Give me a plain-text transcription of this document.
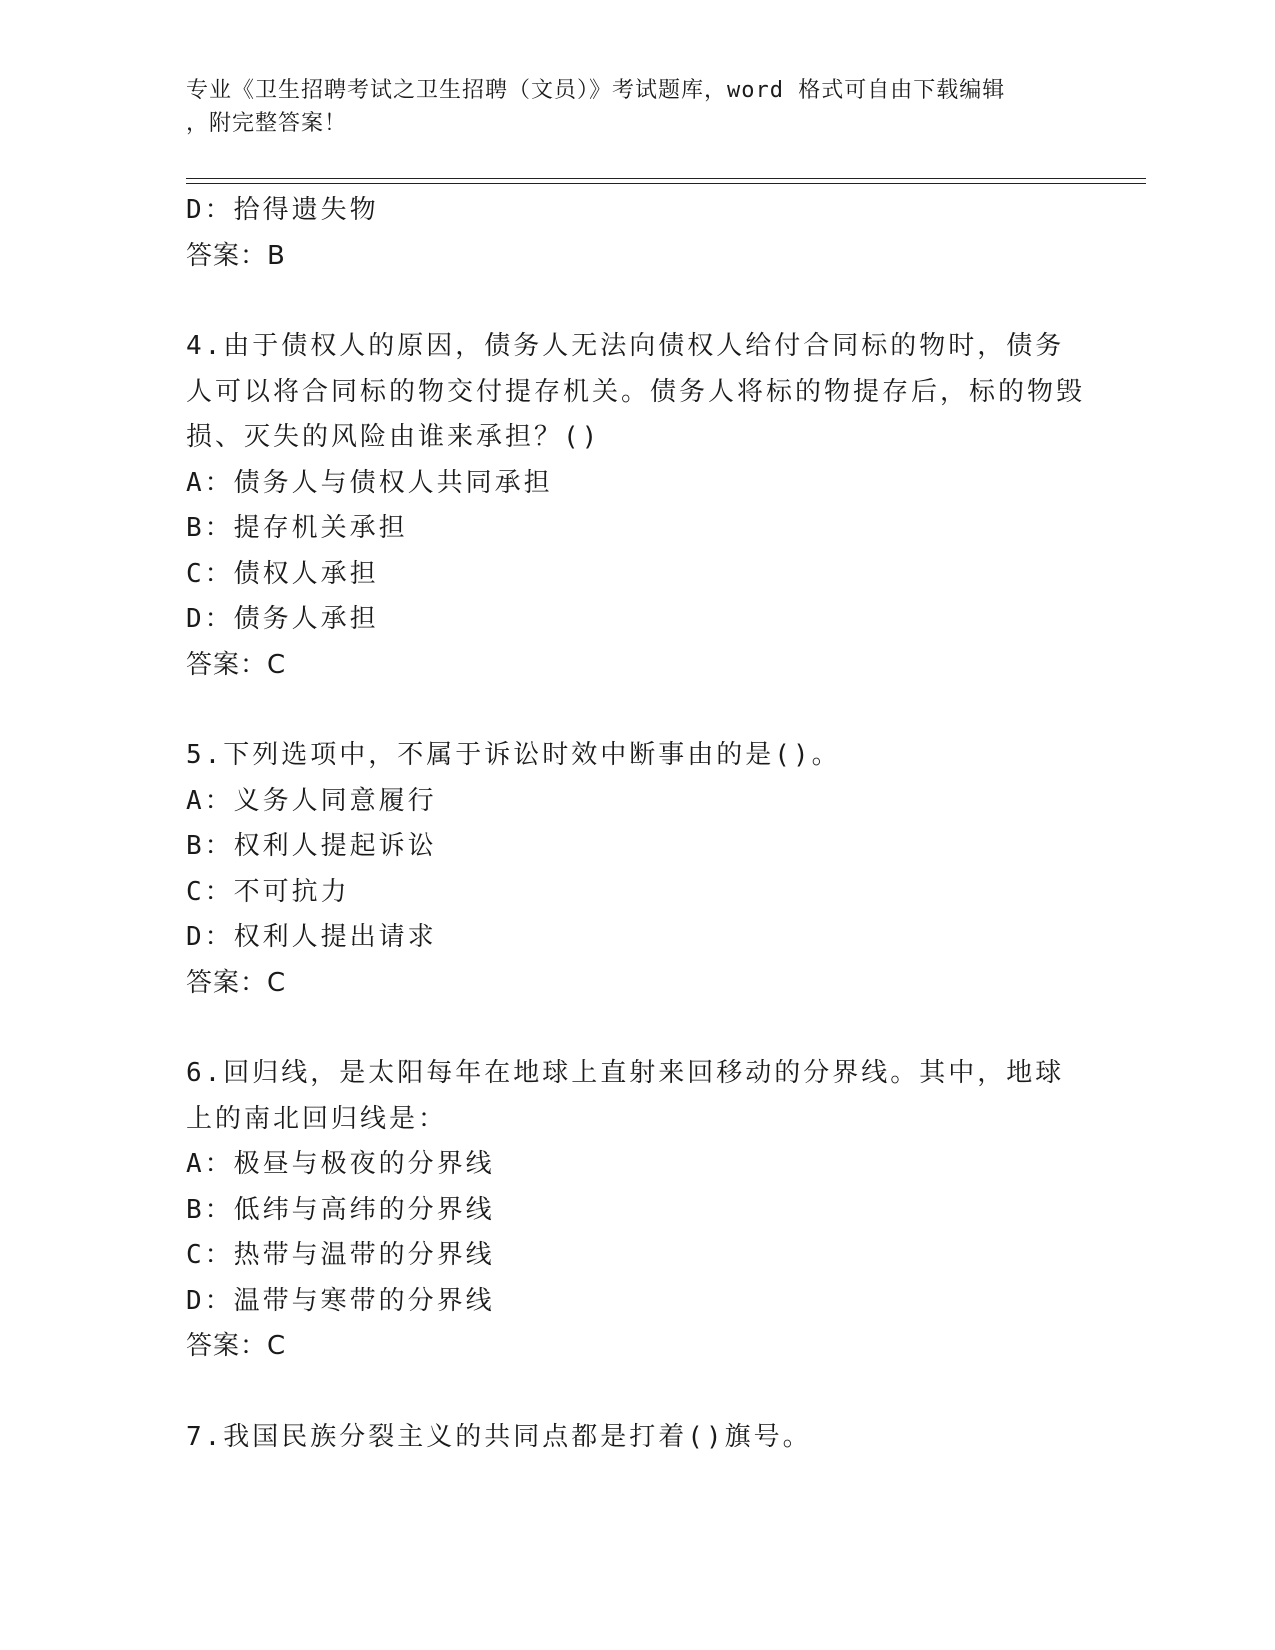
专业《卫生招聘考试之卫生招聘（文员）》考试题库，word 格式可自由下载编辑
，附完整答案！
D：拾得遗失物
答案：B
4.由于债权人的原因，债务人无法向债权人给付合同标的物时，债务人可以将合同标的物交付提存机关。债务人将标的物提存后，标的物毁损、灭失的风险由谁来承担？()
A：债务人与债权人共同承担
B：提存机关承担
C：债权人承担
D：债务人承担
答案：C
5.下列选项中，不属于诉讼时效中断事由的是()。
A：义务人同意履行
B：权利人提起诉讼
C：不可抗力
D：权利人提出请求
答案：C
6.回归线，是太阳每年在地球上直射来回移动的分界线。其中，地球上的南北回归线是：
A：极昼与极夜的分界线
B：低纬与高纬的分界线
C：热带与温带的分界线
D：温带与寒带的分界线
答案：C
7.我国民族分裂主义的共同点都是打着()旗号。
